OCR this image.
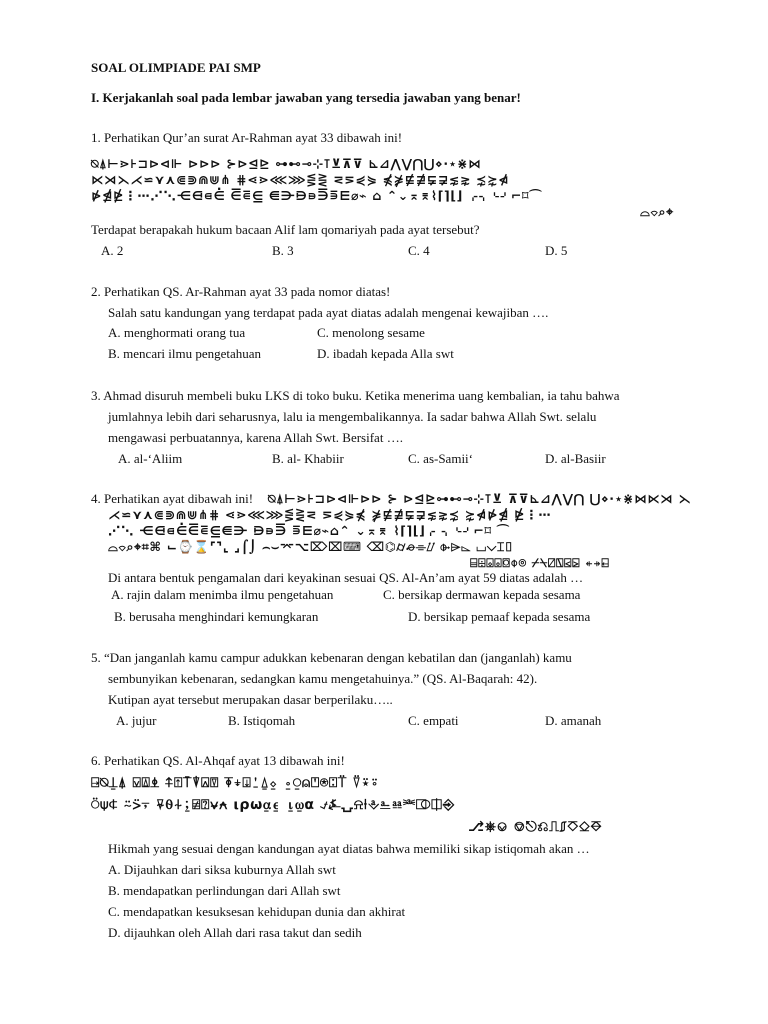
SOAL OLIMPIADE PAI SMP
I. Kerjakanlah soal pada lembar jawaban yang tersedia jawaban yang benar!
1. Perhatikan Qur’an surat Ar-Rahman ayat 33 dibawah ini!
⍉⍋⊢⋗⊦⊐⊳⊲⊩ ⊳⊳⊳ ⊱⊳⊴⊵ ⊶⊷⊸⊹⊺⊻⊼⊽ ⊾⊿⋀⋁⋂⋃⋄⋅⋆⋇⋈
⋉⋊⋋⋌⋍⋎⋏⋐⋑⋒⋓⋔ ⋕⋖⋗⋘⋙⋚⋛ ⋜⋝⋞⋟ ⋠⋡⋢⋣⋤⋥⋦⋧ ⋨⋩⋪
⋫⋬⋭⋮⋯⋰⋱⋲⋳⋴⋵ ⋶⋷⋸ ⋹⋺⋻⋼⋽⋾⋿⌀⌁ ⌂ ⌃⌄⌅⌆⌇⌈⌉⌊⌋ ⌌⌍⌎⌏⌐⌑⌒
⌓⌔⌕⌖
Terdapat berapakah hukum bacaan Alif lam qomariyah pada ayat tersebut?
A. 2	B. 3	C. 4	D. 5
2. Perhatikan QS. Ar-Rahman ayat 33 pada nomor diatas!
Salah satu kandungan yang terdapat pada ayat diatas adalah mengenai kewajiban ….
A. menghormati orang tua	C. menolong sesame
B. mencari ilmu pengetahuan	D. ibadah kepada Alla swt
3. Ahmad disuruh membeli buku LKS di toko buku. Ketika menerima uang kembalian, ia tahu bahwa
jumlahnya lebih dari seharusnya, lalu ia mengembalikannya. Ia sadar bahwa Allah Swt. selalu
mengawasi perbuatannya, karena Allah Swt. Bersifat ….
A. al-‘Aliim	B. al- Khabiir	C. as-Samii‘	D. al-Basiir
4. Perhatikan ayat dibawah ini! ⍉⍋⊢⋗⊦⊐⊳⊲⊩⊳⊳ ⊱ ⊳⊴⊵⊶⊷⊸⊹⊺⊻ ⊼⊽⊾⊿⋀⋁⋂ ⋃⋄⋅⋆⋇⋈⋉⋊ ⋋
⋌⋍⋎⋏⋐⋑⋒⋓⋔⋕ ⋖⋗⋘⋙⋚⋛⋜ ⋝⋞⋟⋠ ⋡⋢⋣⋤⋥⋦⋧⋨ ⋩⋪⋫⋬ ⋭⋮⋯
⋰⋱ ⋲⋳⋴⋵⋶⋷⋸⋹⋺ ⋻⋼⋽ ⋾⋿⌀⌁⌂⌃ ⌄⌅⌆ ⌇⌈⌉⌊⌋⌌ ⌍⌎⌏⌐⌑ ⌒
⌓⌔⌕⌖⌗⌘ ⌙⌚⌛⌜⌝⌞ ⌟⌠⌡ ⌢⌣⌤⌥⌦⌧⌨ ⌫⌬⌭⌮⌯⌰ ⌱⌲⌳ ⌴⌵⌶⌷
⌸⌹⌺⌻⌼⌽⌾ ⌿⍀⍁⍂⍃⍄ ⍅⍆⍇
Di antara bentuk pengamalan dari keyakinan sesuai QS. Al-An’am ayat 59 diatas adalah …
A. rajin dalam menimba ilmu pengetahuan	C. bersikap dermawan kepada sesama
B. berusaha menghindari kemungkaran	D. bersikap pemaaf kepada sesama
5. “Dan janganlah kamu campur adukkan kebenaran dengan kebatilan dan (janganlah) kamu
sembunyikan kebenaran, sedangkan kamu mengetahuinya.” (QS. Al-Baqarah: 42).
Kutipan ayat tersebut merupakan dasar berperilaku…..
A. jujur	B. Istiqomah	C. empati	D. amanah
6. Perhatikan QS. Al-Ahqaf ayat 13 dibawah ini!
⍈⍉⍊⍋ ⍌⍍⍎ ⍏⍐⍑⍒⍓⍔ ⍕⍖⍗⍘⍙⍚ ⍛⍜⍝⍞⍟⍠⍡ ⍢⍣⍤
⍥⍦⍧ ⍨⍩⍪ ⍫⍬⍭⍮⍯⍰⍱⍲ ⍳⍴⍵⍶⍷ ⍸⍹⍺ ⍻⍼⍽⍾⍿⎀⎁⎂⎃⎄⎅⎆
⎇⎈⎉ ⎊⎋⎌⎍⎎⎏⎐⎑
Hikmah yang sesuai dengan kandungan ayat diatas bahwa memiliki sikap istiqomah akan …
A. Dijauhkan dari siksa kuburnya Allah swt
B. mendapatkan perlindungan dari Allah swt
C. mendapatkan kesuksesan kehidupan dunia dan akhirat
D. dijauhkan oleh Allah dari rasa takut dan sedih
